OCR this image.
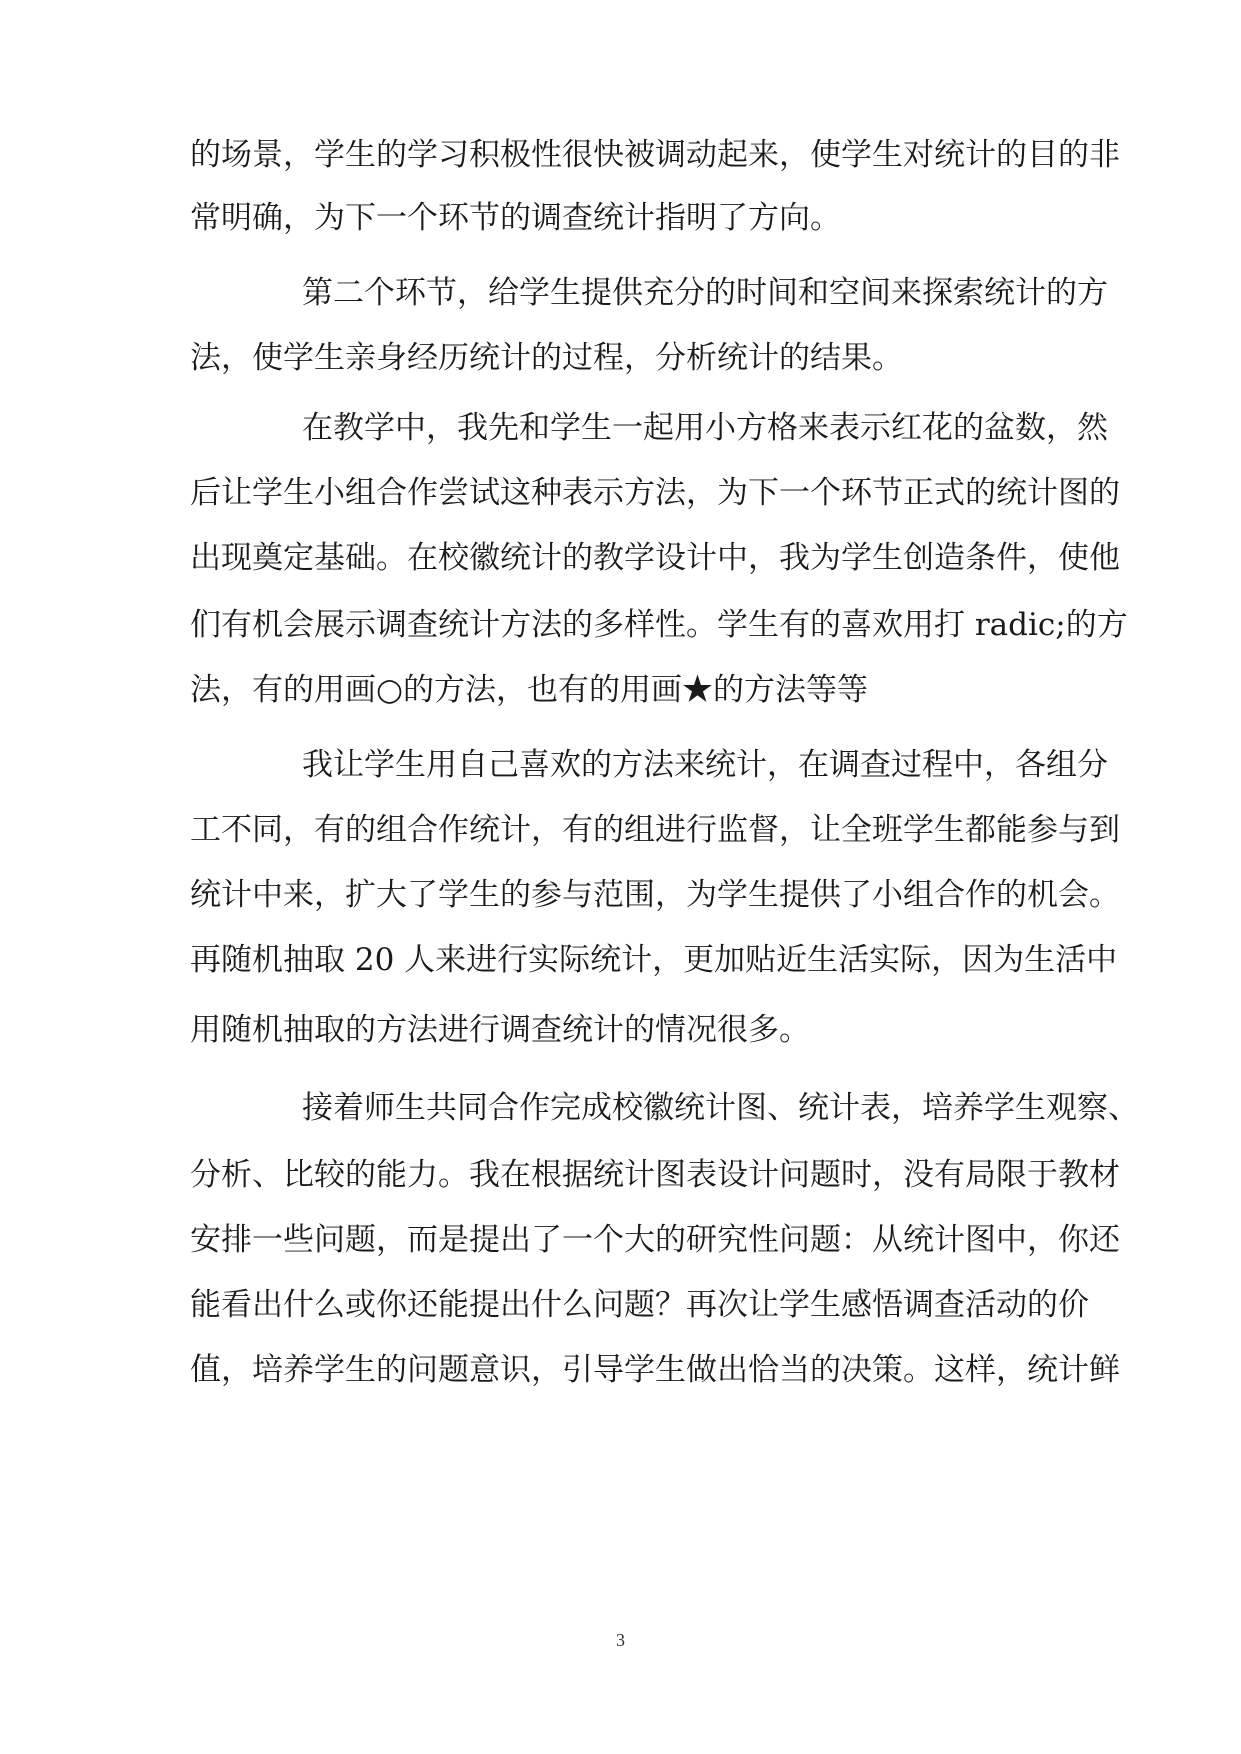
的场景，学生的学习积极性很快被调动起来，使学生对统计的目的非
常明确，为下一个环节的调查统计指明了方向。
第二个环节，给学生提供充分的时间和空间来探索统计的方
法，使学生亲身经历统计的过程，分析统计的结果。
在教学中，我先和学生一起用小方格来表示红花的盆数，然
后让学生小组合作尝试这种表示方法，为下一个环节正式的统计图的
出现奠定基础。在校徽统计的教学设计中，我为学生创造条件，使他
们有机会展示调查统计方法的多样性。学生有的喜欢用打 radic;的方
法，有的用画○的方法，也有的用画★的方法等等
我让学生用自己喜欢的方法来统计，在调查过程中，各组分
工不同，有的组合作统计，有的组进行监督，让全班学生都能参与到
统计中来，扩大了学生的参与范围，为学生提供了小组合作的机会。
再随机抽取 20 人来进行实际统计，更加贴近生活实际，因为生活中
用随机抽取的方法进行调查统计的情况很多。
接着师生共同合作完成校徽统计图、统计表，培养学生观察、
分析、比较的能力。我在根据统计图表设计问题时，没有局限于教材
安排一些问题，而是提出了一个大的研究性问题：从统计图中，你还
能看出什么或你还能提出什么问题？再次让学生感悟调查活动的价
值，培养学生的问题意识，引导学生做出恰当的决策。这样，统计鲜
3
